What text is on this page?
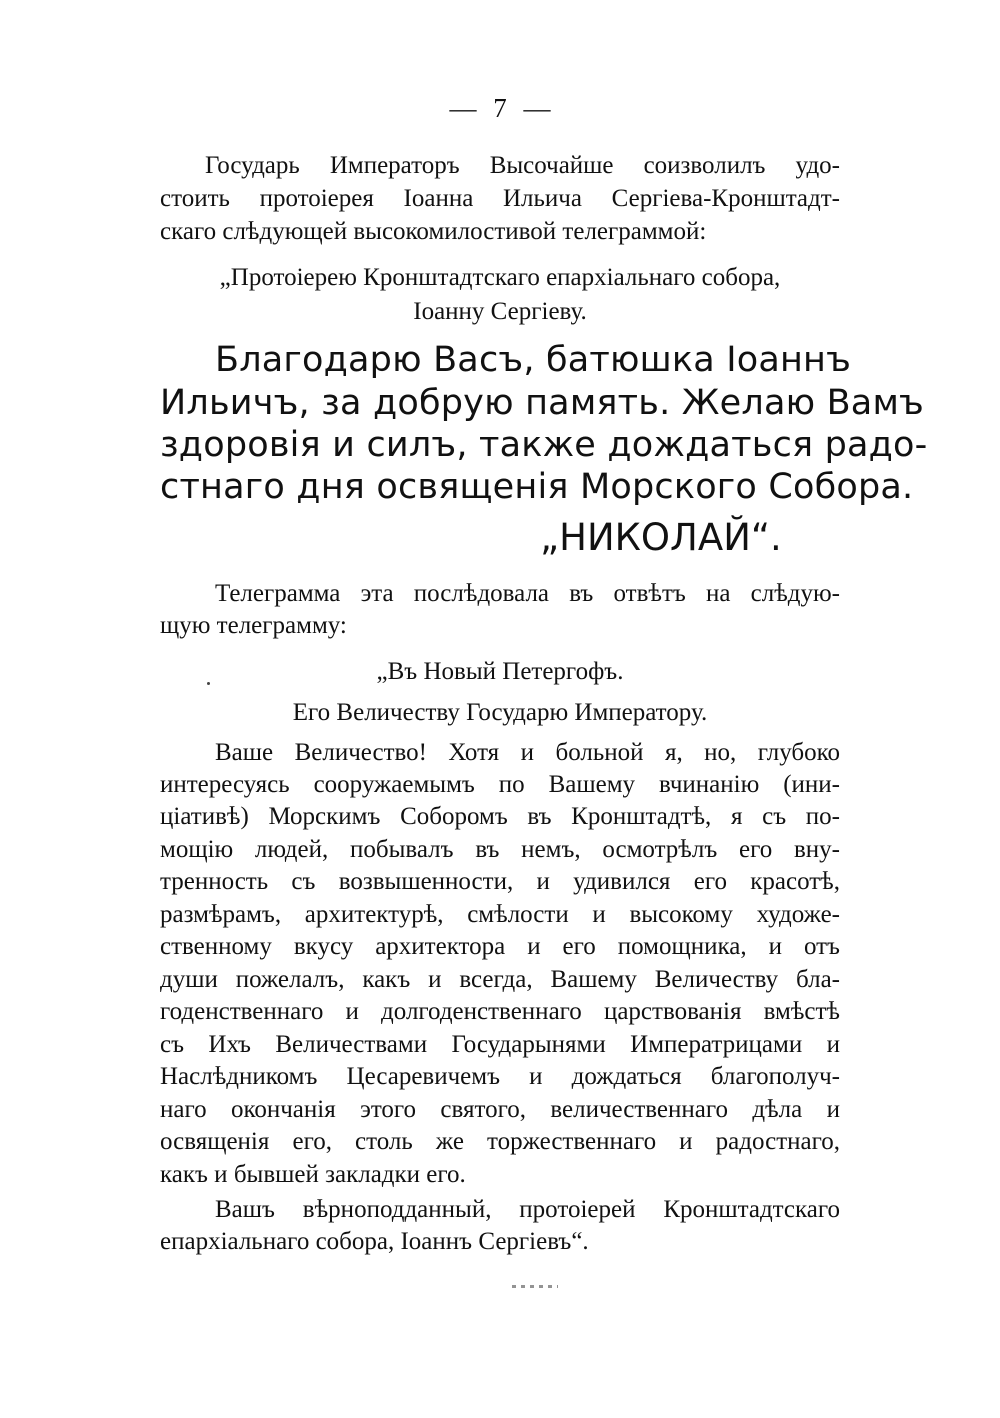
— 7 —
Государь Императоръ Высочайше соизволилъ удо-
стоить протоіерея Іоанна Ильича Сергіева-Кронштадт-
скаго слѣдующей высокомилостивой телеграммой:
„Протоіерею Кронштадтскаго епархіальнаго собора,
Іоанну Сергіеву.
Благодарю Васъ, батюшка Іоаннъ
Ильичъ, за добрую память. Желаю Вамъ
здоровія и силъ, также дождаться радо-
стнаго дня освященія Морского Собора.
„НИКОЛАЙ“.
Телеграмма эта послѣдовала въ отвѣтъ на слѣдую-
щую телеграмму:
„Въ Новый Петергофъ.
Его Величеству Государю Императору.
Ваше Величество! Хотя и больной я, но, глубоко
интересуясь сооружаемымъ по Вашему вчинанію (ини-
ціативѣ) Морскимъ Соборомъ въ Кронштадтѣ, я съ по-
мощію людей, побывалъ въ немъ, осмотрѣлъ его вну-
тренность съ возвышенности, и удивился его красотѣ,
размѣрамъ, архитектурѣ, смѣлости и высокому художе-
ственному вкусу архитектора и его помощника, и отъ
души пожелалъ, какъ и всегда, Вашему Величеству бла-
годенственнаго и долгоденственнаго царствованія вмѣстѣ
съ Ихъ Величествами Государынями Императрицами и
Наслѣдникомъ Цесаревичемъ и дождаться благополуч-
наго окончанія этого святого, величественнаго дѣла и
освященія его, столь же торжественнаго и радостнаго,
какъ и бывшей закладки его.
Вашъ вѣрноподданный, протоіерей Кронштадтскаго
епархіальнаго собора, Іоаннъ Сергіевъ“.
